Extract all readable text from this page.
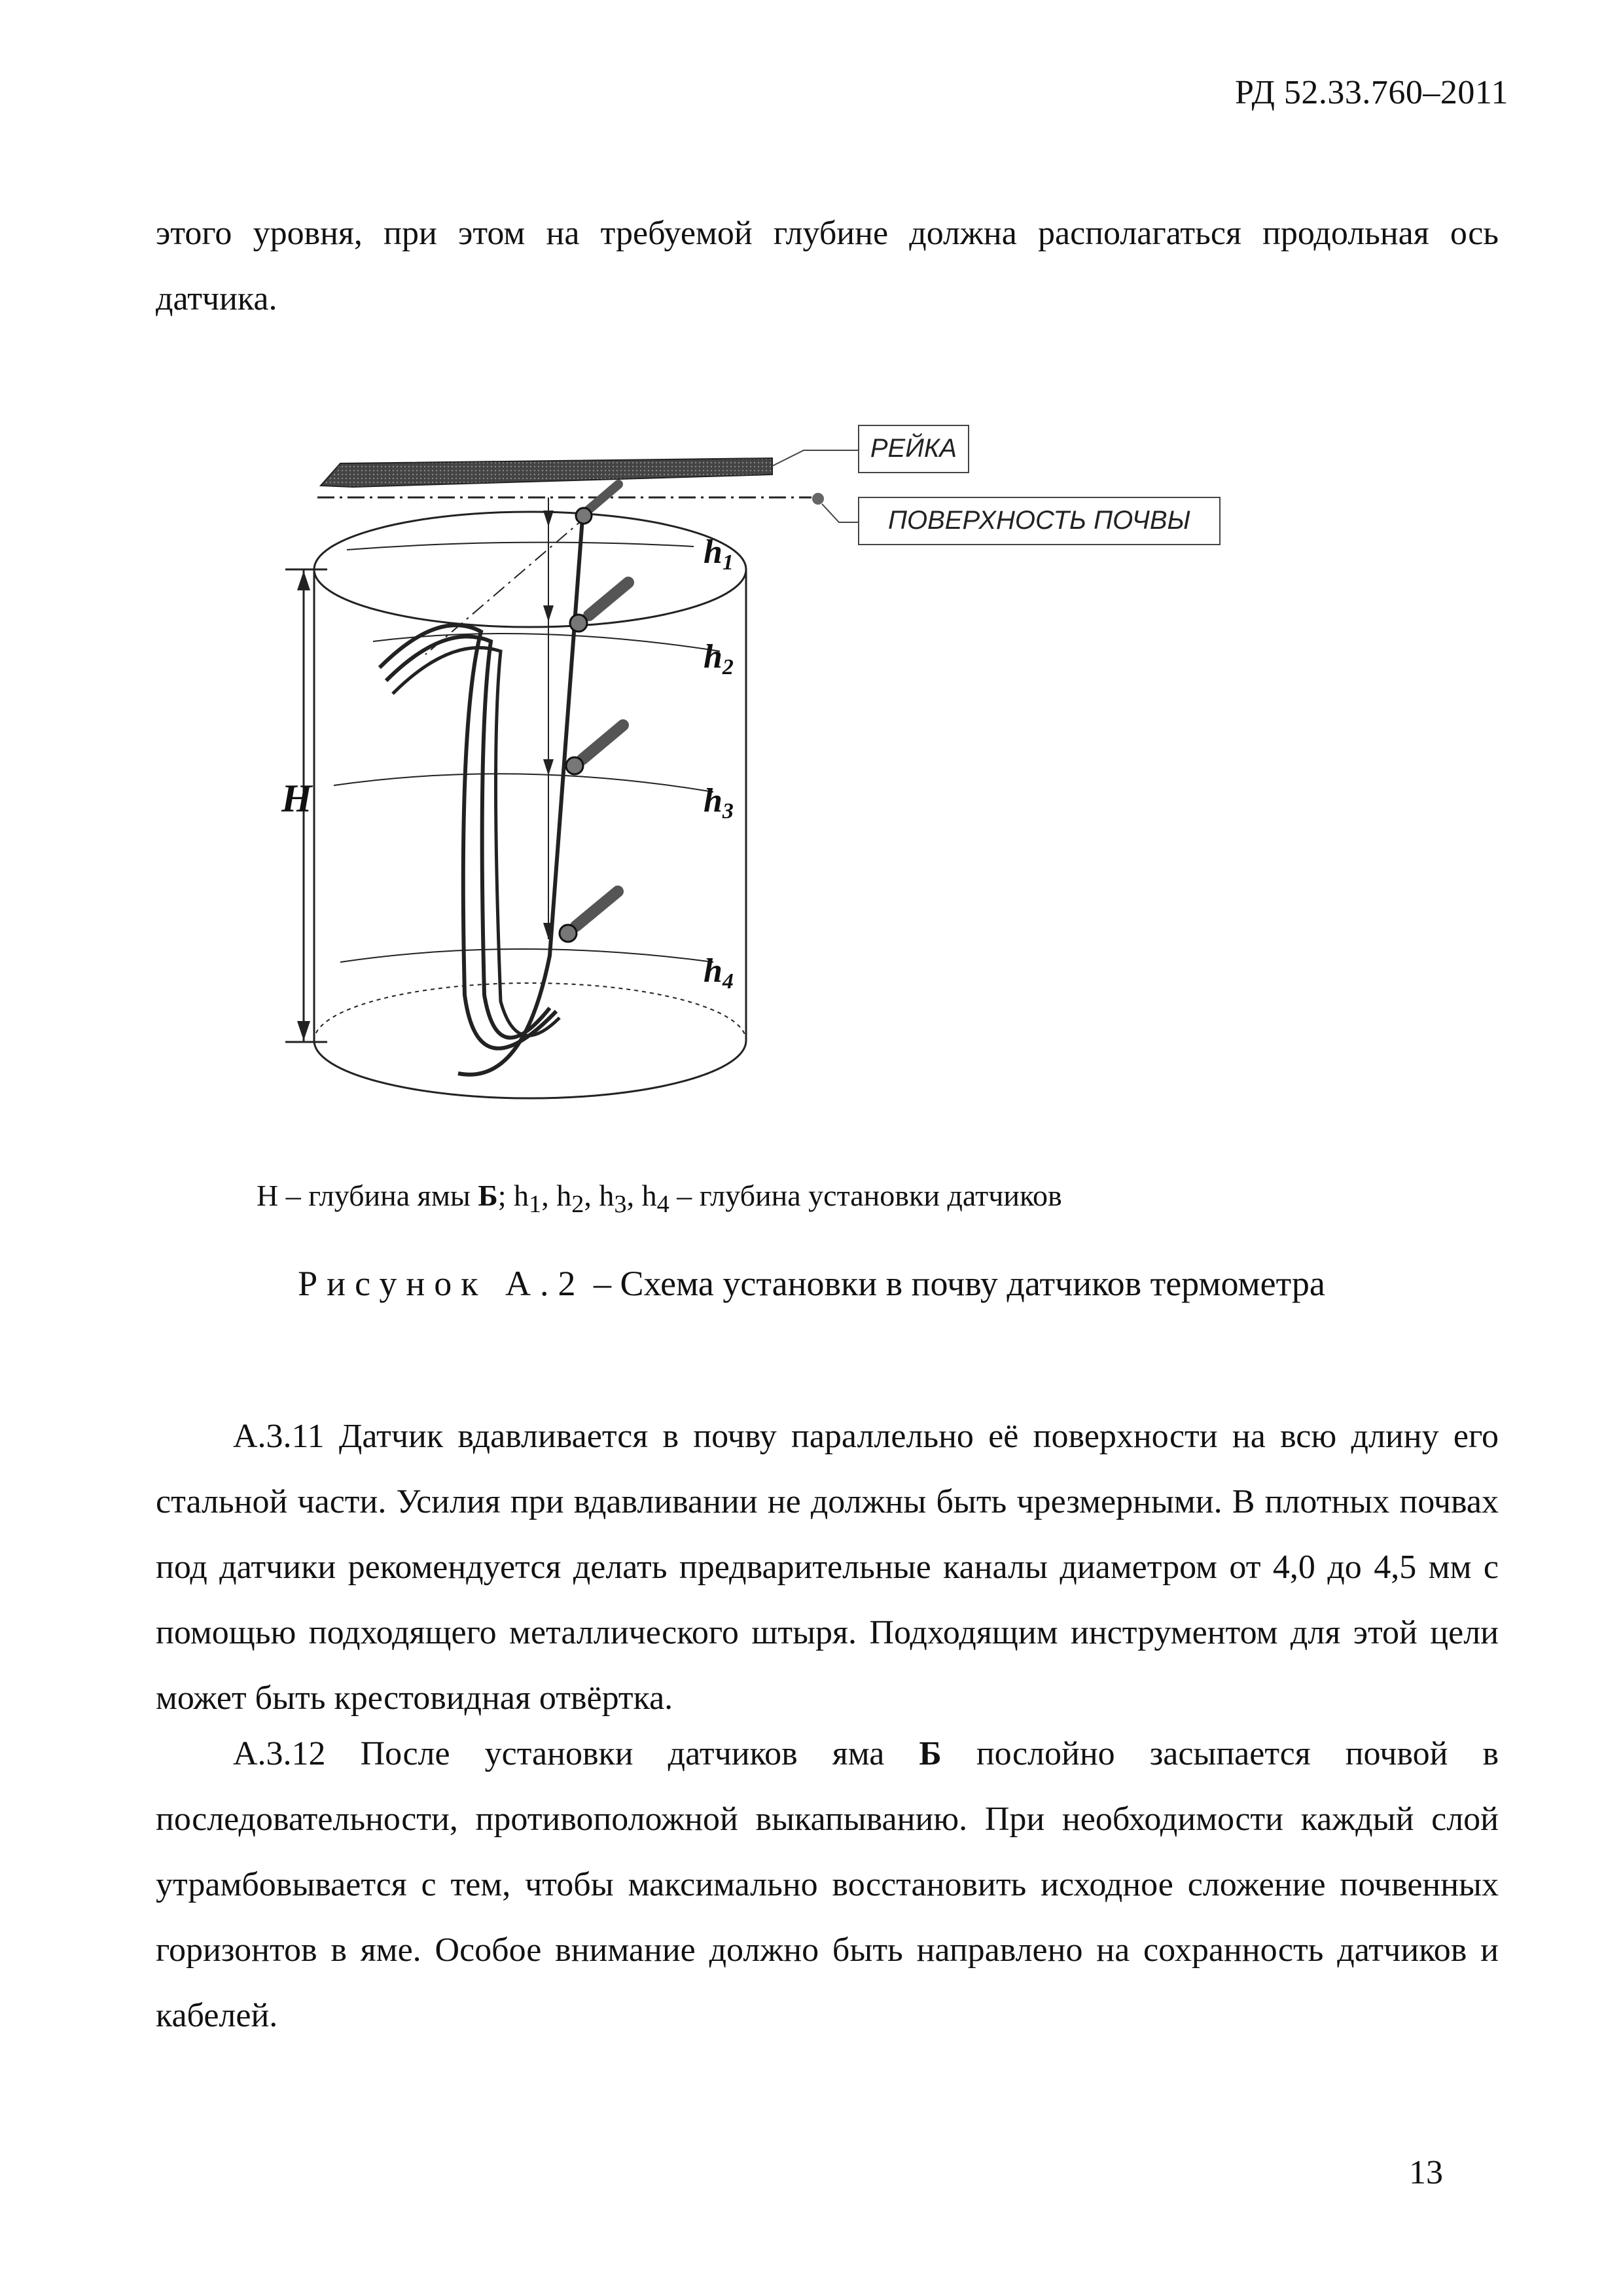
РД 52.33.760–2011
этого уровня, при этом на требуемой глубине должна располагаться продольная ось датчика.
РЕЙКА
ПОВЕРХНОСТЬ ПОЧВЫ
H
h1
h2
h3
h4
H – глубина ямы Б; $h_1$, $h_2$, $h_3$, $h_4$ – глубина установки датчиков
Рисунок А.2 – Схема установки в почву датчиков термометра
А.3.11 Датчик вдавливается в почву параллельно её поверхности на всю длину его стальной части. Усилия при вдавливании не должны быть чрезмерными. В плотных почвах под датчики рекомендуется делать предварительные каналы диаметром от 4,0 до 4,5 мм с помощью подходящего металлического штыря. Подходящим инструментом для этой цели может быть крестовидная отвёртка.
А.3.12 После установки датчиков яма Б послойно засыпается почвой в последовательности, противоположной выкапыванию. При необходимости каждый слой утрамбовывается с тем, чтобы максимально восстановить исходное сложение почвенных горизонтов в яме. Особое внимание должно быть направлено на сохранность датчиков и кабелей.
13
